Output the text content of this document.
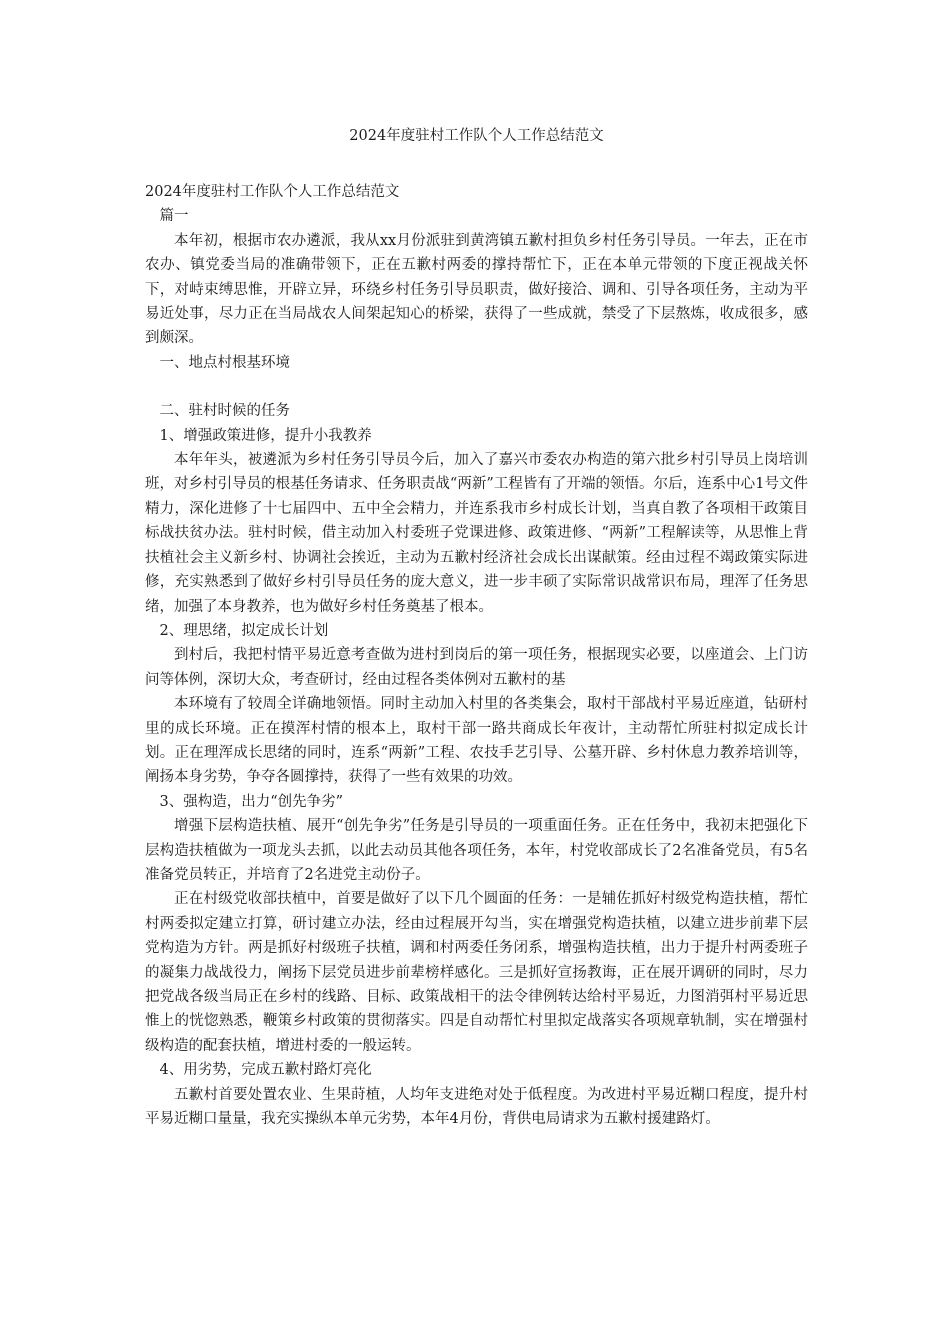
2024年度驻村工作队个人工作总结范文

2024年度驻村工作队个人工作总结范文

篇一

本年初，根据市农办遴派，我从xx月份派驻到黄湾镇五歉村担负乡村任务引导员。一年去，正在市农办、镇党委当局的准确带领下，正在五歉村两委的撑持帮忙下，正在本单元带领的下度正视战关怀下，对峙束缚思惟，开辟立异，环绕乡村任务引导员职责，做好接洽、调和、引导各项任务，主动为平易近处事，尽力正在当局战农人间架起知心的桥梁，获得了一些成就，禁受了下层熬炼，收成很多，感到颇深。

一、地点村根基环境

二、驻村时候的任务

1、增强政策进修，提升小我教养

本年年头，被遴派为乡村任务引导员今后，加入了嘉兴市委农办构造的第六批乡村引导员上岗培训班，对乡村引导员的根基任务请求、任务职责战“两新”工程皆有了开端的领悟。尔后，连系中心1号文件精力，深化进修了十七届四中、五中全会精力，并连系我市乡村成长计划，当真自教了各项相干政策目标战扶贫办法。驻村时候，借主动加入村委班子党课进修、政策进修、“两新”工程解读等，从思惟上背扶植社会主义新乡村、协调社会挨近，主动为五歉村经济社会成长出谋献策。经由过程不竭政策实际进修，充实熟悉到了做好乡村引导员任务的庞大意义，进一步丰硕了实际常识战常识布局，理浑了任务思绪，加强了本身教养，也为做好乡村任务奠基了根本。

2、理思绪，拟定成长计划

到村后，我把村情平易近意考查做为进村到岗后的第一项任务，根据现实必要，以座道会、上门访问等体例，深切大众，考查研讨，经由过程各类体例对五歉村的基

本环境有了较周全详确地领悟。同时主动加入村里的各类集会，取村干部战村平易近座道，钻研村里的成长环境。正在摸浑村情的根本上，取村干部一路共商成长年夜计，主动帮忙所驻村拟定成长计划。正在理浑成长思绪的同时，连系“两新”工程、农技手艺引导、公墓开辟、乡村休息力教养培训等，阐扬本身劣势，争夺各圆撑持，获得了一些有效果的功效。

3、强构造，出力“创先争劣”

增强下层构造扶植、展开“创先争劣”任务是引导员的一项重面任务。正在任务中，我初末把强化下层构造扶植做为一项龙头去抓，以此去动员其他各项任务，本年，村党收部成长了2名准备党员，有5名准备党员转正，并培育了2名进党主动份子。

正在村级党收部扶植中，首要是做好了以下几个圆面的任务：一是辅佐抓好村级党构造扶植，帮忙村两委拟定建立打算，研讨建立办法，经由过程展开勾当，实在增强党构造扶植，以建立进步前辈下层党构造为方针。两是抓好村级班子扶植，调和村两委任务闭系，增强构造扶植，出力于提升村两委班子的凝集力战战役力，阐扬下层党员进步前辈榜样感化。三是抓好宣扬教诲，正在展开调研的同时，尽力把党战各级当局正在乡村的线路、目标、政策战相干的法令律例转达给村平易近，力图消弭村平易近思惟上的恍惚熟悉，鞭策乡村政策的贯彻落实。四是自动帮忙村里拟定战落实各项规章轨制，实在增强村级构造的配套扶植，增进村委的一般运转。

4、用劣势，完成五歉村路灯亮化

五歉村首要处置农业、生果莳植，人均年支进绝对处于低程度。为改进村平易近糊口程度，提升村平易近糊口量量，我充实操纵本单元劣势，本年4月份，背供电局请求为五歉村援建路灯。
